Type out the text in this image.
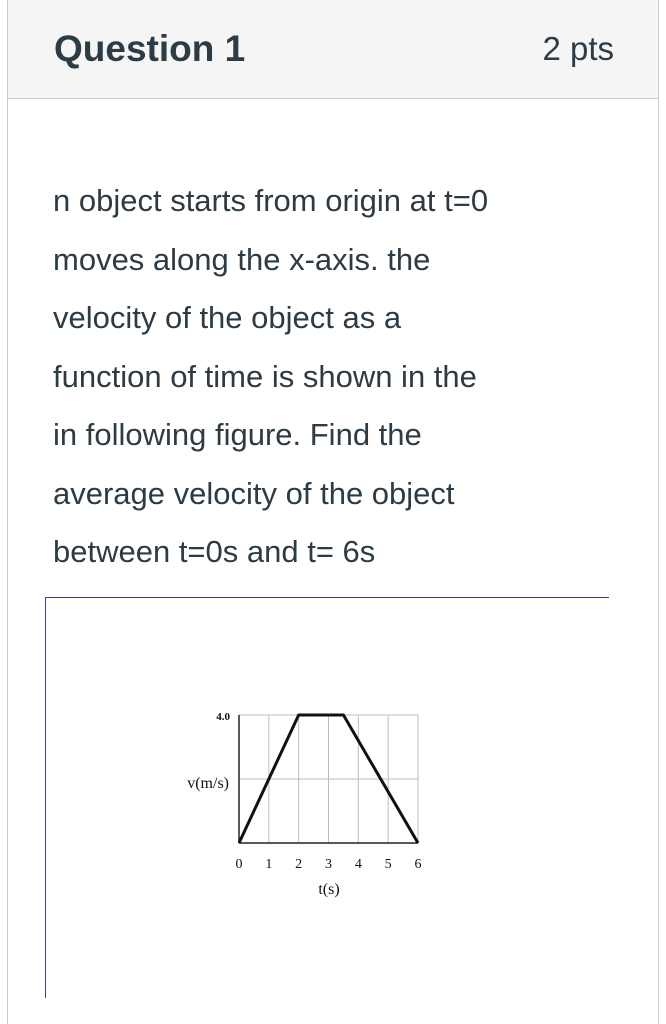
Question 1	2 pts
n object starts from origin at t=0
moves along the x-axis. the
velocity of the object as a
function of time is shown in the
in following figure. Find the
average velocity of the object
between t=0s and t= 6s
4.0
v(m/s)
0 1 2 3 4 5 6
t(s)
